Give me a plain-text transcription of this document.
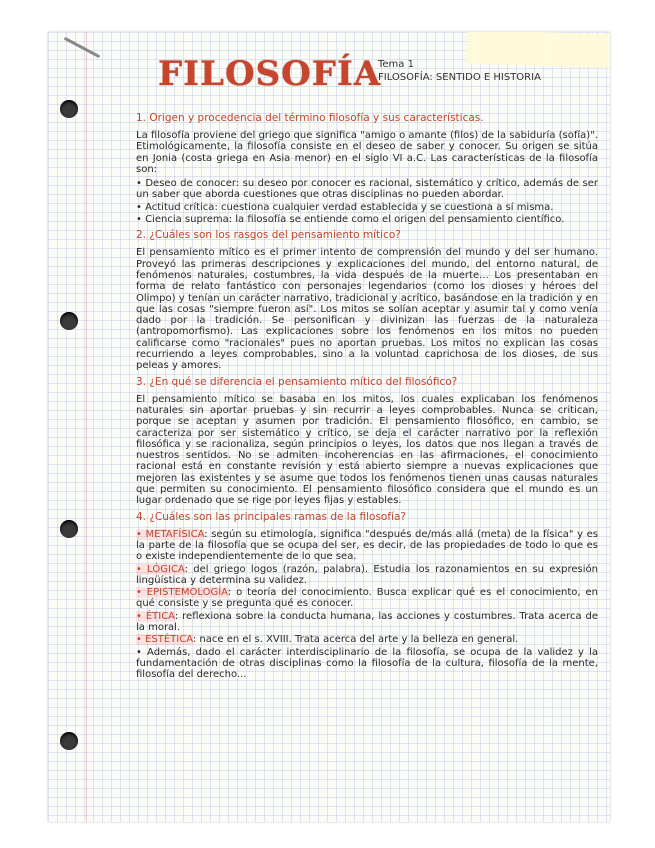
FILOSOFÍA
Tema 1
FILOSOFÍA: SENTIDO E HISTORIA
1. Origen y procedencia del término filosofía y sus características.

La filosofía proviene del griego que significa "amigo o amante (filos) de la sabiduría (sofía)". Etimológicamente, la filosofía consiste en el deseo de saber y conocer. Su origen se sitúa en Jonia (costa griega en Asia menor) en el siglo VI a.C. Las características de la filosofía son:

• Deseo de conocer: su deseo por conocer es racional, sistemático y crítico, además de ser un saber que aborda cuestiones que otras disciplinas no pueden abordar.

• Actitud crítica: cuestiona cualquier verdad establecida y se cuestiona a sí misma.

• Ciencia suprema: la filosofía se entiende como el origen del pensamiento científico.

2. ¿Cuáles son los rasgos del pensamiento mítico?

El pensamiento mítico es el primer intento de comprensión del mundo y del ser humano. Proveyó las primeras descripciones y explicaciones del mundo, del entorno natural, de fenómenos naturales, costumbres, la vida después de la muerte... Los presentaban en forma de relato fantástico con personajes legendarios (como los dioses y héroes del Olimpo) y tenían un carácter narrativo, tradicional y acrítico, basándose en la tradición y en que las cosas "siempre fueron así". Los mitos se solían aceptar y asumir tal y como venía dado por la tradición. Se personifican y divinizan las fuerzas de la naturaleza (antropomorfismo). Las explicaciones sobre los fenómenos en los mitos no pueden calificarse como "racionales" pues no aportan pruebas. Los mitos no explican las cosas recurriendo a leyes comprobables, sino a la voluntad caprichosa de los dioses, de sus peleas y amores.

3. ¿En qué se diferencia el pensamiento mítico del filosófico?

El pensamiento mítico se basaba en los mitos, los cuales explicaban los fenómenos naturales sin aportar pruebas y sin recurrir a leyes comprobables. Nunca se critican, porque se aceptan y asumen por tradición. El pensamiento filosófico, en cambio, se caracteriza por ser sistemático y crítico, se deja el carácter narrativo por la reflexión filosófica y se racionaliza, según principios o leyes, los datos que nos llegan a través de nuestros sentidos. No se admiten incoherencias en las afirmaciones, el conocimiento racional está en constante revisión y está abierto siempre a nuevas explicaciones que mejoren las existentes y se asume que todos los fenómenos tienen unas causas naturales que permiten su conocimiento. El pensamiento filosófico considera que el mundo es un lugar ordenado que se rige por leyes fijas y estables.

4. ¿Cuáles son las principales ramas de la filosofía?

• METAFÍSICA: según su etimología, significa "después de/más allá (meta) de la física" y es la parte de la filosofía que se ocupa del ser, es decir, de las propiedades de todo lo que es o existe independientemente de lo que sea.

• LÓGICA: del griego logos (razón, palabra). Estudia los razonamientos en su expresión lingüística y determina su validez.

• EPISTEMOLOGÍA: o teoría del conocimiento. Busca explicar qué es el conocimiento, en qué consiste y se pregunta qué es conocer.

• ÉTICA: reflexiona sobre la conducta humana, las acciones y costumbres. Trata acerca de la moral.

• ESTÉTICA: nace en el s. XVIII. Trata acerca del arte y la belleza en general.

• Además, dado el carácter interdisciplinario de la filosofía, se ocupa de la validez y la fundamentación de otras disciplinas como la filosofía de la cultura, filosofía de la mente, filosofía del derecho...
